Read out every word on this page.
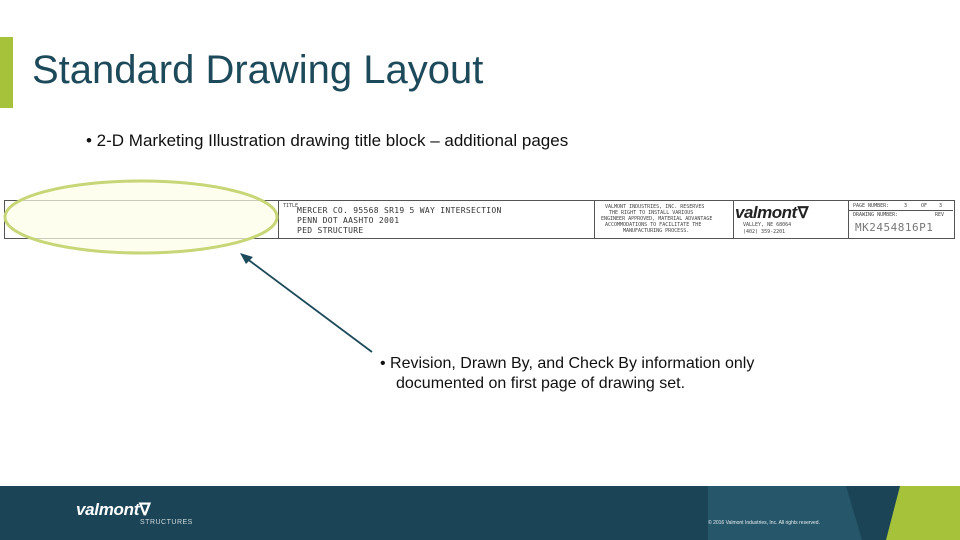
Standard Drawing Layout
• 2-D Marketing Illustration drawing title block – additional pages
TITLE
MERCER CO. 95568 SR19 5 WAY INTERSECTION
PENN DOT AASHTO 2001
PED STRUCTURE
VALMONT INDUSTRIES, INC. RESERVES
THE RIGHT TO INSTALL VARIOUS
ENGINEER APPROVED, MATERIAL ADVANTAGE
ACCOMMODATIONS TO FACILITATE THE
MANUFACTURING PROCESS.
VALLEY, NE 68064
(402) 359-2201
PAGE NUMBER:	3	OF 3
DRAWING NUMBER:	REV
MK2454816P1
valmont∇
• Revision, Drawn By, and Check By information only
documented on first page of drawing set.
valmont∇
STRUCTURES	© 2016 Valmont Industries, Inc. All rights reserved.
